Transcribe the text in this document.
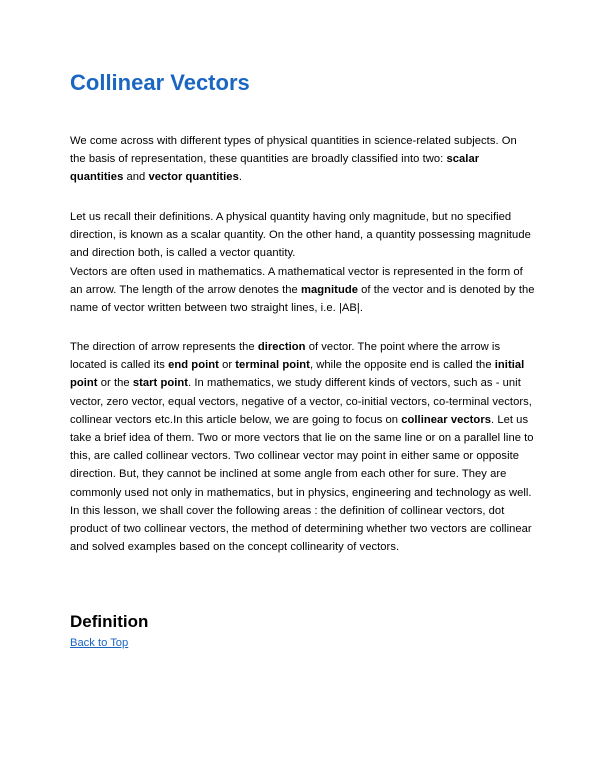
Collinear Vectors

We come across with different types of physical quantities in science-related subjects. On the basis of representation, these quantities are broadly classified into two: scalar quantities and vector quantities.

Let us recall their definitions. A physical quantity having only magnitude, but no specified direction, is known as a scalar quantity. On the other hand, a quantity possessing magnitude and direction both, is called a vector quantity.
Vectors are often used in mathematics. A mathematical vector is represented in the form of an arrow. The length of the arrow denotes the magnitude of the vector and is denoted by the name of vector written between two straight lines, i.e. |AB|.

The direction of arrow represents the direction of vector. The point where the arrow is located is called its end point or terminal point, while the opposite end is called the initial point or the start point. In mathematics, we study different kinds of vectors, such as - unit vector, zero vector, equal vectors, negative of a vector, co-initial vectors, co-terminal vectors, collinear vectors etc.In this article below, we are going to focus on collinear vectors. Let us take a brief idea of them. Two or more vectors that lie on the same line or on a parallel line to this, are called collinear vectors. Two collinear vector may point in either same or opposite direction. But, they cannot be inclined at some angle from each other for sure. They are commonly used not only in mathematics, but in physics, engineering and technology as well. In this lesson, we shall cover the following areas : the definition of collinear vectors, dot product of two collinear vectors, the method of determining whether two vectors are collinear and solved examples based on the concept collinearity of vectors.

Definition
Back to Top
